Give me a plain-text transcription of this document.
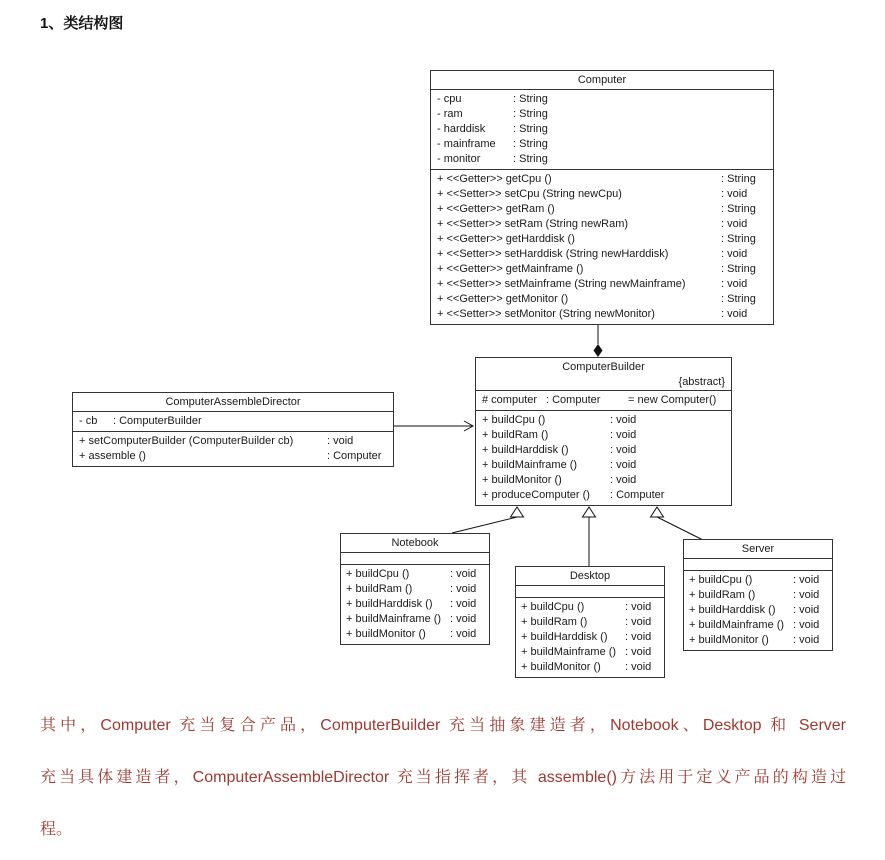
1、类结构图
Computer
- cpu	: String
- ram	: String
- harddisk	: String
- mainframe	: String
- monitor	: String
+ <<Getter>> getCpu ()	: String
+ <<Setter>> setCpu (String newCpu)	: void
+ <<Getter>> getRam ()	: String
+ <<Setter>> setRam (String newRam)	: void
+ <<Getter>> getHarddisk ()	: String
+ <<Setter>> setHarddisk (String newHarddisk)	: void
+ <<Getter>> getMainframe ()	: String
+ <<Setter>> setMainframe (String newMainframe)	: void
+ <<Getter>> getMonitor ()	: String
+ <<Setter>> setMonitor (String newMonitor)	: void
ComputerBuilder
{abstract}
# computer : Computer	= new Computer()
+ buildCpu ()	: void
+ buildRam ()	: void
+ buildHarddisk ()	: void
+ buildMainframe ()	: void
+ buildMonitor ()	: void
+ produceComputer ()	: Computer
ComputerAssembleDirector
- cb	: ComputerBuilder
+ setComputerBuilder (ComputerBuilder cb)	: void
+ assemble ()	: Computer
Notebook
+ buildCpu ()	: void
+ buildRam ()	: void
+ buildHarddisk ()	: void
+ buildMainframe () : void
+ buildMonitor ()	: void
Desktop
+ buildCpu ()	: void
+ buildRam ()	: void
+ buildHarddisk ()	: void
+ buildMainframe () : void
+ buildMonitor ()	: void
Server
+ buildCpu ()	: void
+ buildRam ()	: void
+ buildHarddisk ()	: void
+ buildMainframe () : void
+ buildMonitor ()	: void
其中，Computer 充当复合产品，ComputerBuilder 充当抽象建造者，Notebook、Desktop 和 Server
充当具体建造者，ComputerAssembleDirector 充当指挥者，其 assemble()方法用于定义产品的构造过
程。
